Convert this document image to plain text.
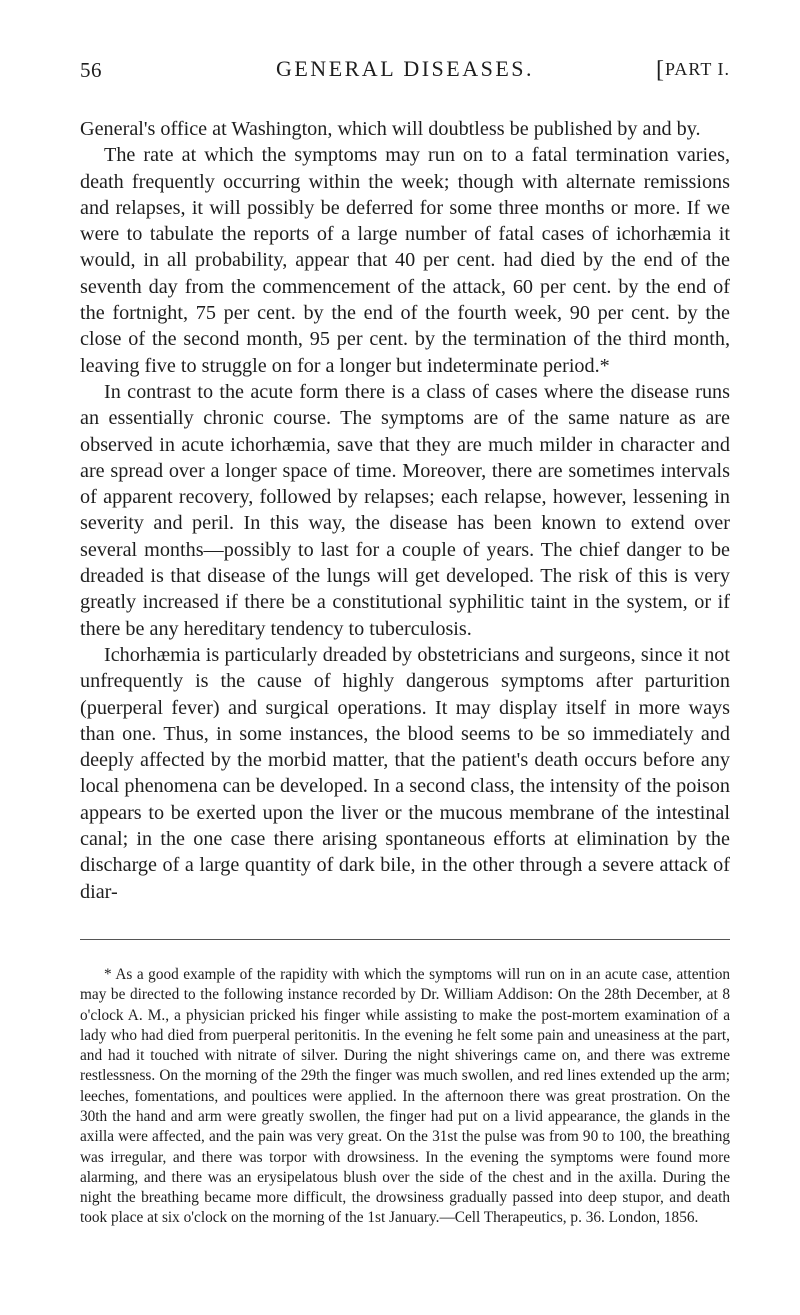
56	GENERAL DISEASES.	[PART I.

General's office at Washington, which will doubtless be published by and by.

The rate at which the symptoms may run on to a fatal termination varies, death frequently occurring within the week; though with alternate remissions and relapses, it will possibly be deferred for some three months or more. If we were to tabulate the reports of a large number of fatal cases of ichorhæmia it would, in all probability, appear that 40 per cent. had died by the end of the seventh day from the commencement of the attack, 60 per cent. by the end of the fortnight, 75 per cent. by the end of the fourth week, 90 per cent. by the close of the second month, 95 per cent. by the termination of the third month, leaving five to struggle on for a longer but indeterminate period.*

In contrast to the acute form there is a class of cases where the disease runs an essentially chronic course. The symptoms are of the same nature as are observed in acute ichorhæmia, save that they are much milder in character and are spread over a longer space of time. Moreover, there are sometimes intervals of apparent recovery, followed by relapses; each relapse, however, lessening in severity and peril. In this way, the disease has been known to extend over several months—possibly to last for a couple of years. The chief danger to be dreaded is that disease of the lungs will get developed. The risk of this is very greatly increased if there be a constitutional syphilitic taint in the system, or if there be any hereditary tendency to tuberculosis.

Ichorhæmia is particularly dreaded by obstetricians and surgeons, since it not unfrequently is the cause of highly dangerous symptoms after parturition (puerperal fever) and surgical operations. It may display itself in more ways than one. Thus, in some instances, the blood seems to be so immediately and deeply affected by the morbid matter, that the patient's death occurs before any local phenomena can be developed. In a second class, the intensity of the poison appears to be exerted upon the liver or the mucous membrane of the intestinal canal; in the one case there arising spontaneous efforts at elimination by the discharge of a large quantity of dark bile, in the other through a severe attack of diar-

* As a good example of the rapidity with which the symptoms will run on in an acute case, attention may be directed to the following instance recorded by Dr. William Addison: On the 28th December, at 8 o'clock A. M., a physician pricked his finger while assisting to make the post-mortem examination of a lady who had died from puerperal peritonitis. In the evening he felt some pain and uneasiness at the part, and had it touched with nitrate of silver. During the night shiverings came on, and there was extreme restlessness. On the morning of the 29th the finger was much swollen, and red lines extended up the arm; leeches, fomentations, and poultices were applied. In the afternoon there was great prostration. On the 30th the hand and arm were greatly swollen, the finger had put on a livid appearance, the glands in the axilla were affected, and the pain was very great. On the 31st the pulse was from 90 to 100, the breathing was irregular, and there was torpor with drowsiness. In the evening the symptoms were found more alarming, and there was an erysipelatous blush over the side of the chest and in the axilla. During the night the breathing became more difficult, the drowsiness gradually passed into deep stupor, and death took place at six o'clock on the morning of the 1st January.—Cell Therapeutics, p. 36. London, 1856.
